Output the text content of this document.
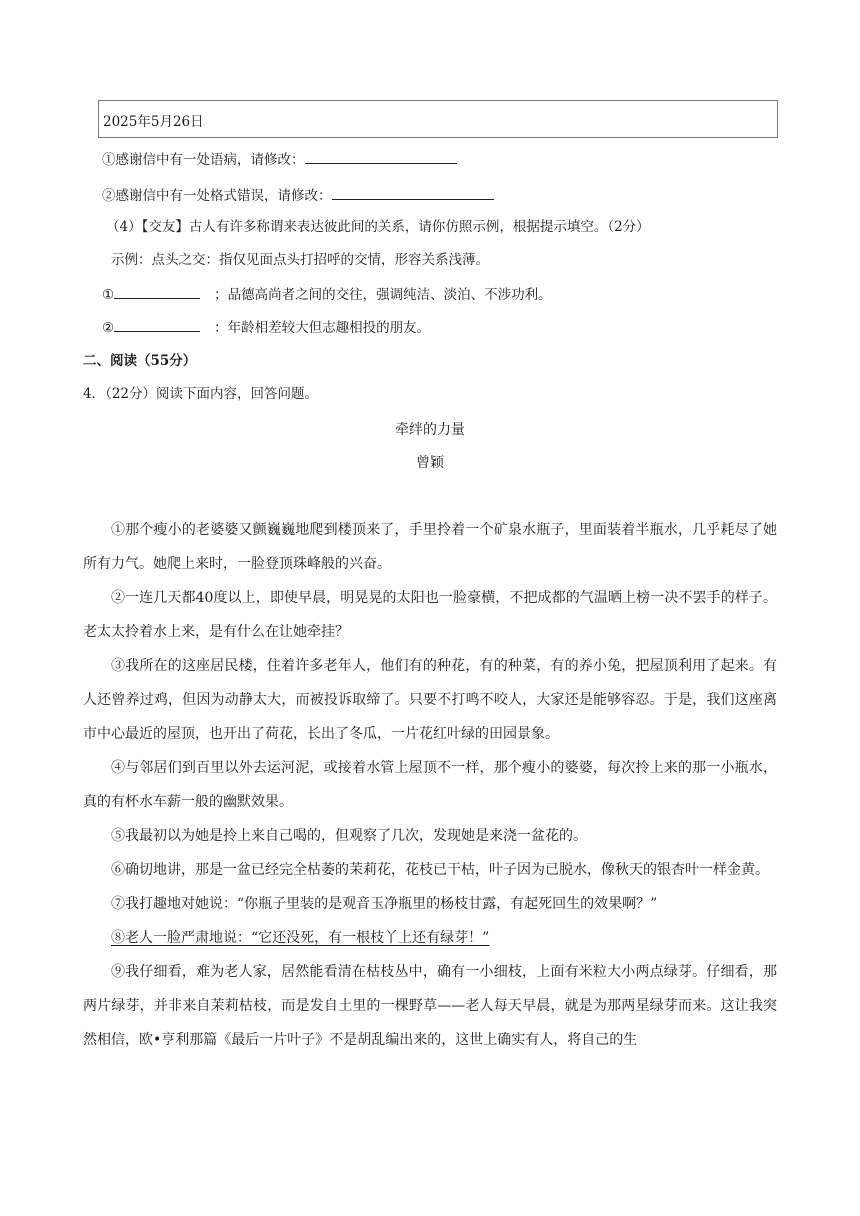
2025年5月26日
①感谢信中有一处语病，请修改：
②感谢信中有一处格式错误，请修改：
（4）【交友】古人有许多称谓来表达彼此间的关系，请你仿照示例，根据提示填空。（2分）
示例：点头之交：指仅见面点头打招呼的交情，形容关系浅薄。
①	；品德高尚者之间的交往，强调纯洁、淡泊、不涉功利。
②	：年龄相差较大但志趣相投的朋友。
二、阅读（55分）
4．（22分）阅读下面内容，回答问题。
牵绊的力量
曾颖

①那个瘦小的老婆婆又颤巍巍地爬到楼顶来了，手里拎着一个矿泉水瓶子，里面装着半瓶水，几乎耗尽了她所有力气。她爬上来时，一脸登顶珠峰般的兴奋。

②一连几天都40度以上，即使早晨，明晃晃的太阳也一脸豪横，不把成都的气温晒上榜一决不罢手的样子。老太太拎着水上来，是有什么在让她牵挂？

③我所在的这座居民楼，住着许多老年人，他们有的种花，有的种菜，有的养小兔，把屋顶利用了起来。有人还曾养过鸡，但因为动静太大，而被投诉取缔了。只要不打鸣不咬人，大家还是能够容忍。于是，我们这座离市中心最近的屋顶，也开出了荷花，长出了冬瓜，一片花红叶绿的田园景象。

④与邻居们到百里以外去运河泥，或接着水管上屋顶不一样，那个瘦小的婆婆，每次拎上来的那一小瓶水，真的有杯水车薪一般的幽默效果。

⑤我最初以为她是拎上来自己喝的，但观察了几次，发现她是来浇一盆花的。

⑥确切地讲，那是一盆已经完全枯萎的茉莉花，花枝已干枯，叶子因为已脱水，像秋天的银杏叶一样金黄。

⑦我打趣地对她说：“你瓶子里装的是观音玉净瓶里的杨枝甘露，有起死回生的效果啊？”

⑧老人一脸严肃地说：“它还没死，有一根枝丫上还有绿芽！”

⑨我仔细看，难为老人家，居然能看清在枯枝丛中，确有一小细枝，上面有米粒大小两点绿芽。仔细看，那两片绿芽，并非来自茉莉枯枝，而是发自土里的一棵野草——老人每天早晨，就是为那两星绿芽而来。这让我突然相信，欧•亨利那篇《最后一片叶子》不是胡乱编出来的，这世上确实有人，将自己的生
